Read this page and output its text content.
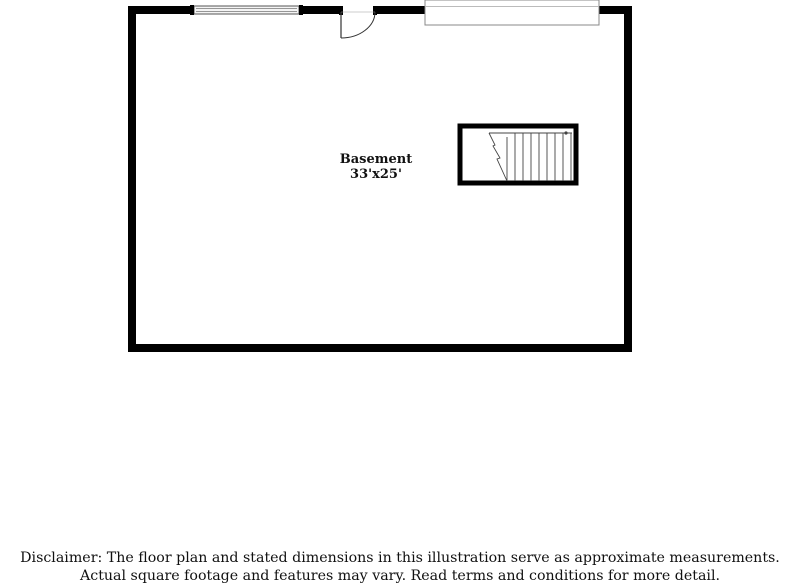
Basement
33'x25'
Disclaimer: The floor plan and stated dimensions in this illustration serve as approximate measurements.
Actual square footage and features may vary. Read terms and conditions for more detail.
